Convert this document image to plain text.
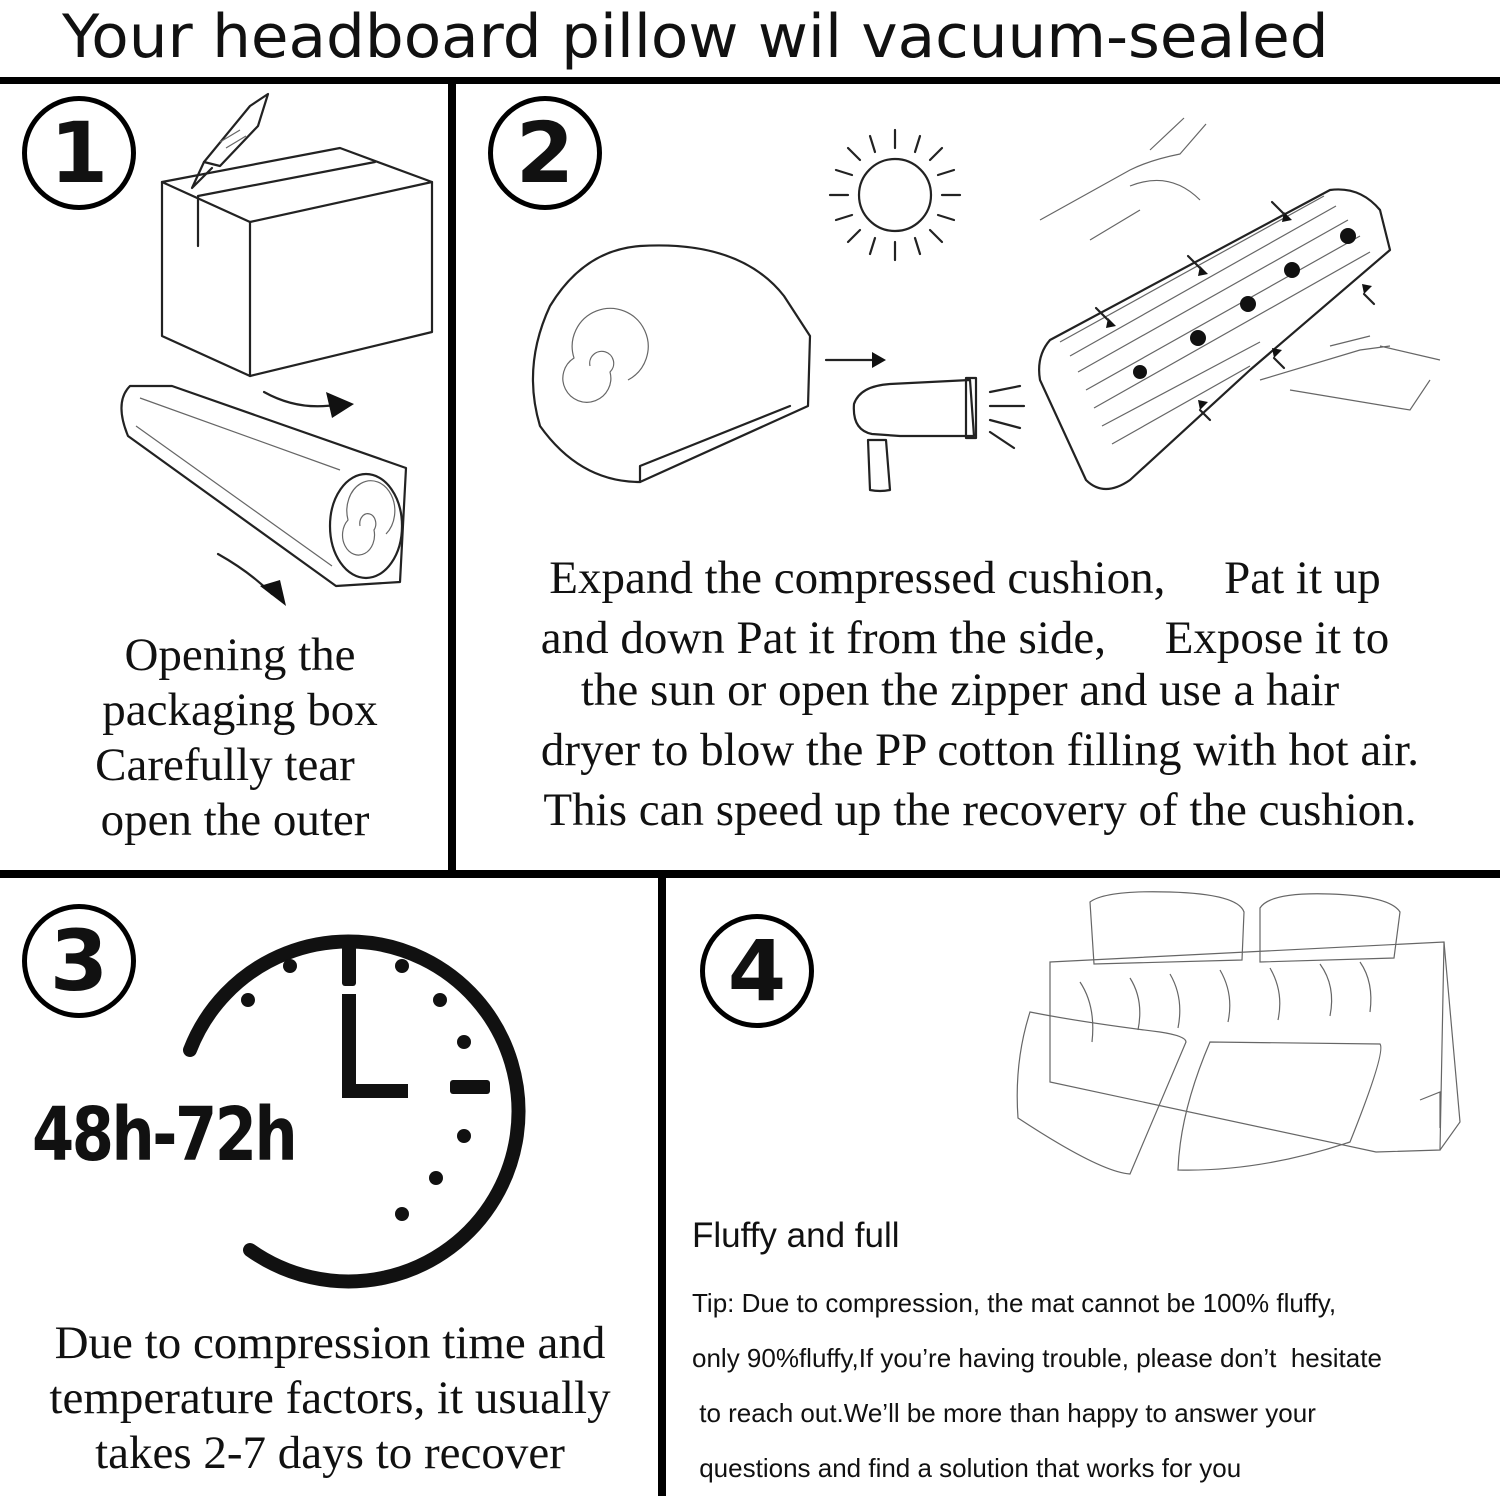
Your headboard pillow wil vacuum-sealed
1
Opening the
packaging box
Carefully tear
open the outer
2
Expand the compressed cushion,  Pat it up
and down Pat it from the side,  Expose it to
the sun or open the zipper and use a hair
dryer to blow the PP cotton filling with hot air.
This can speed up the recovery of the cushion.
3
48h-72h
Due to compression time and
temperature factors, it usually
takes 2-7 days to recover
4
Fluffy and full
Tip: Due to compression, the mat cannot be 100% fluffy,
only 90%fluffy,If you’re having trouble, please don’t  hesitate
to reach out.We’ll be more than happy to answer your
questions and find a solution that works for you
